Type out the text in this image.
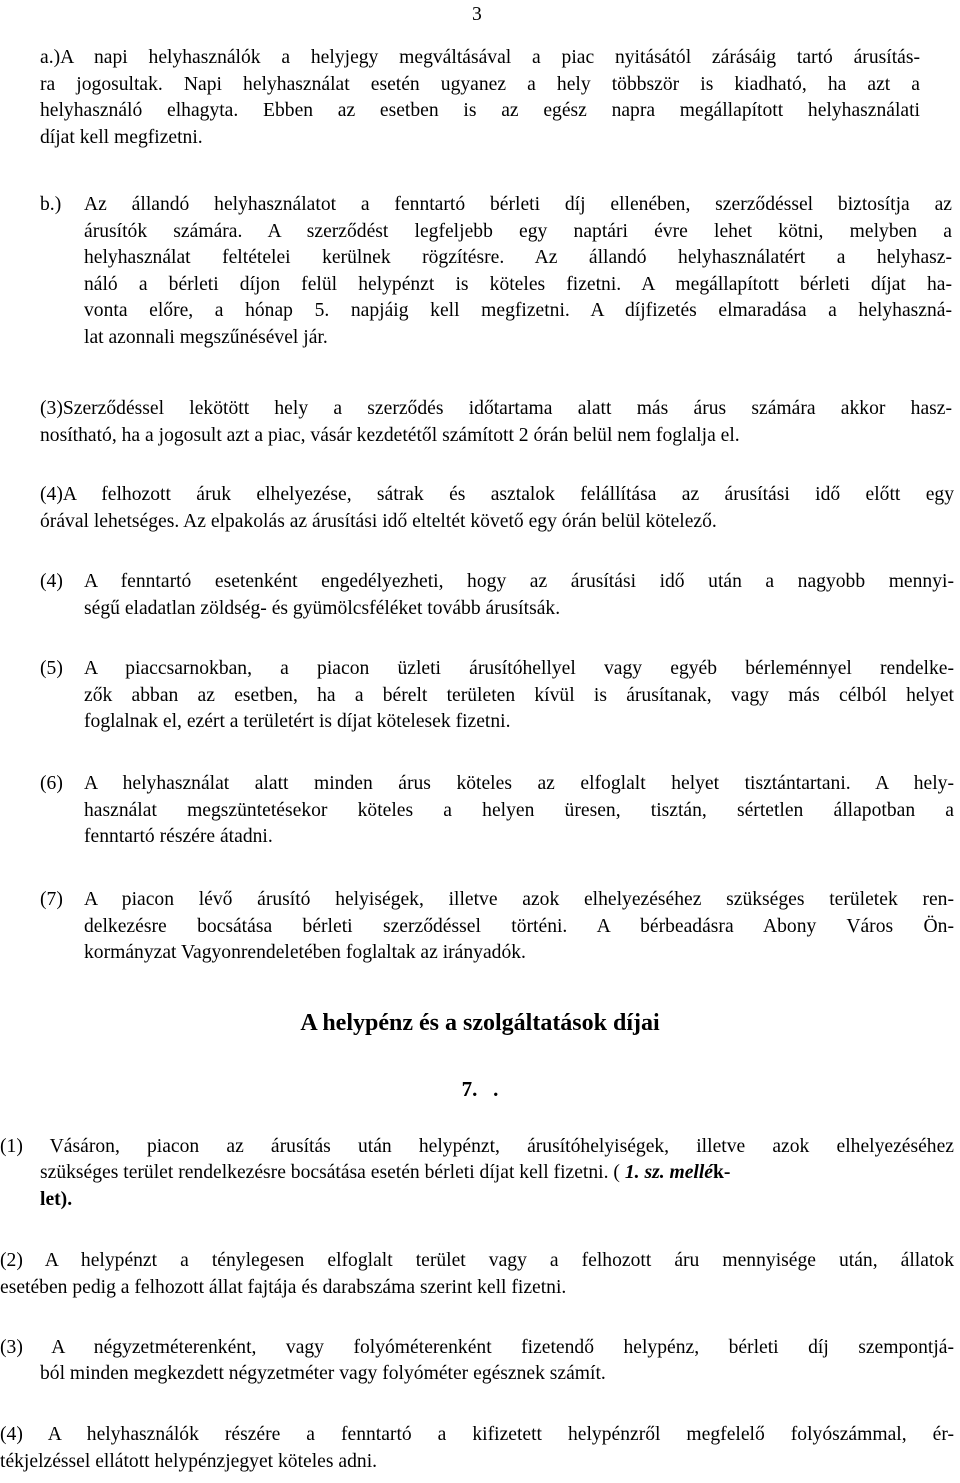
3
a.)A napi helyhasználók a helyjegy megváltásával a piac nyitásától zárásáig tartó árusítás-
ra jogosultak. Napi helyhasználat esetén ugyanez a hely többször is kiadható, ha azt a
helyhasználó elhagyta. Ebben az esetben is az egész napra megállapított helyhasználati
díjat kell megfizetni.
b.) Az állandó helyhasználatot a fenntartó bérleti díj ellenében, szerződéssel biztosítja az
árusítók számára. A szerződést legfeljebb egy naptári évre lehet kötni, melyben a
helyhasználat feltételei kerülnek rögzítésre. Az állandó helyhasználatért a helyhasz-
náló a bérleti díjon felül helypénzt is köteles fizetni. A megállapított bérleti díjat ha-
vonta előre, a hónap 5. napjáig kell megfizetni. A díjfizetés elmaradása a helyhaszná-
lat azonnali megszűnésével jár.
(3)Szerződéssel lekötött hely a szerződés időtartama alatt más árus számára akkor hasz-
nosítható, ha a jogosult azt a piac, vásár kezdetétől számított 2 órán belül nem foglalja el.
(4)A felhozott áruk elhelyezése, sátrak és asztalok felállítása az árusítási idő előtt egy
órával lehetséges. Az elpakolás az árusítási idő elteltét követő egy órán belül kötelező.
(4) A fenntartó esetenként engedélyezheti, hogy az árusítási idő után a nagyobb mennyi-
ségű eladatlan zöldség- és gyümölcsféléket tovább árusítsák.
(5) A piaccsarnokban, a piacon üzleti árusítóhellyel vagy egyéb bérleménnyel rendelke-
zők abban az esetben, ha a bérelt területen kívül is árusítanak, vagy más célból helyet
foglalnak el, ezért a területért is díjat kötelesek fizetni.
(6) A helyhasználat alatt minden árus köteles az elfoglalt helyet tisztántartani. A hely-
használat megszüntetésekor köteles a helyen üresen, tisztán, sértetlen állapotban a
fenntartó részére átadni.
(7) A piacon lévő árusító helyiségek, illetve azok elhelyezéséhez szükséges területek ren-
delkezésre bocsátása bérleti szerződéssel történi. A bérbeadásra Abony Város Ön-
kormányzat Vagyonrendeletében foglaltak az irányadók.
A helypénz és a szolgáltatások díjai
7.   .
(1) Vásáron, piacon az árusítás után helypénzt, árusítóhelyiségek, illetve azok elhelyezéséhez
szükséges terület rendelkezésre bocsátása esetén bérleti díjat kell fizetni. ( 1. sz. mellék-
let).
(2) A helypénzt a ténylegesen elfoglalt terület vagy a felhozott áru mennyisége után, állatok
esetében pedig a felhozott állat fajtája és darabszáma szerint kell fizetni.
(3) A négyzetméterenként, vagy folyóméterenként fizetendő helypénz, bérleti díj szempontjá-
ból minden megkezdett négyzetméter vagy folyóméter egésznek számít.
(4) A helyhasználók részére a fenntartó a kifizetett helypénzről megfelelő folyószámmal, ér-
tékjelzéssel ellátott helypénzjegyet köteles adni.
